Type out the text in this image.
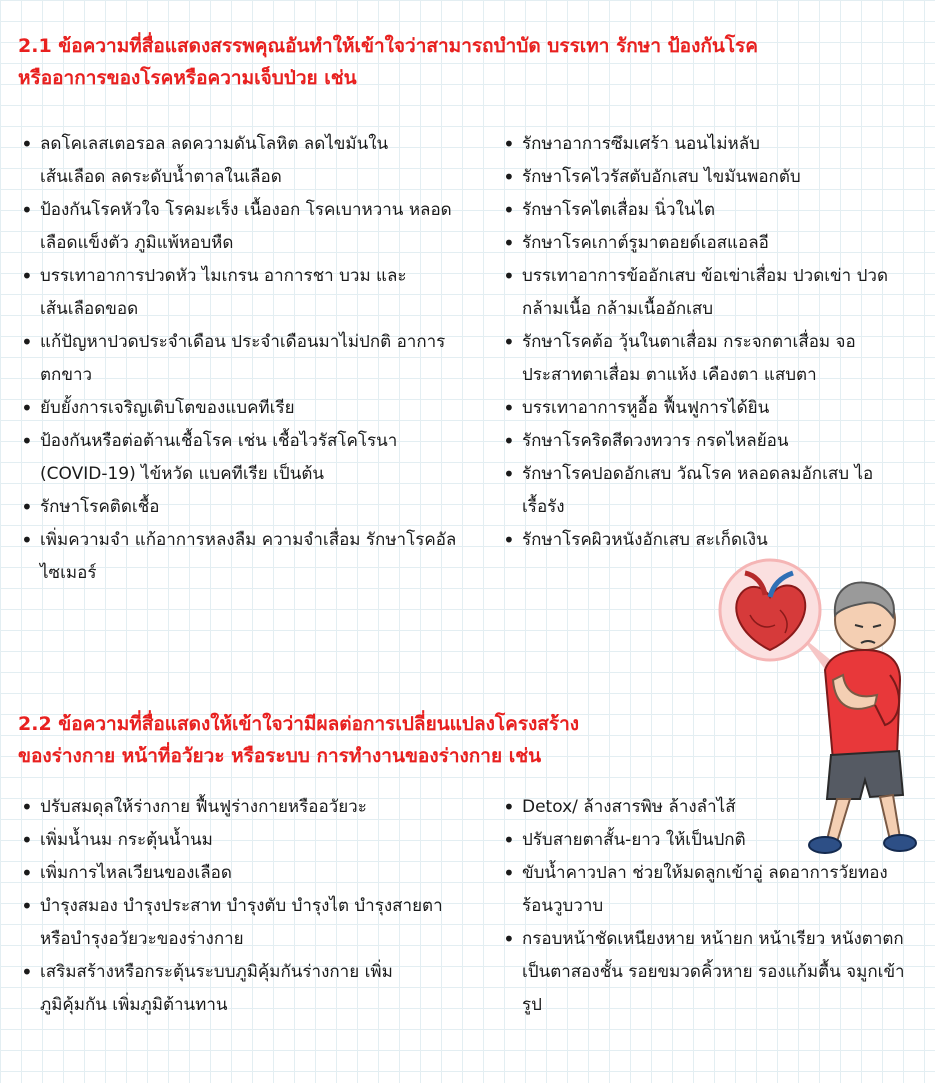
2.1 ข้อความที่สื่อแสดงสรรพคุณอันทำให้เข้าใจว่าสามารถบำบัด บรรเทา รักษา ป้องกันโรค
หรืออาการของโรคหรือความเจ็บป่วย เช่น
• ลดโคเลสเตอรอล ลดความดันโลหิต ลดไขมันใน เส้นเลือด ลดระดับน้ำตาลในเลือด
• ป้องกันโรคหัวใจ โรคมะเร็ง เนื้องอก โรคเบาหวาน หลอดเลือดแข็งตัว ภูมิแพ้หอบหืด
• บรรเทาอาการปวดหัว ไมเกรน อาการชา บวม และเส้นเลือดขอด
• แก้ปัญหาปวดประจำเดือน ประจำเดือนมาไม่ปกติ อาการตกขาว
• ยับยั้งการเจริญเติบโตของแบคทีเรีย
• ป้องกันหรือต่อต้านเชื้อโรค เช่น เชื้อไวรัสโคโรนา (COVID-19) ไข้หวัด แบคทีเรีย เป็นต้น
• รักษาโรคติดเชื้อ
• เพิ่มความจำ แก้อาการหลงลืม ความจำเสื่อม รักษาโรคอัลไซเมอร์
• รักษาอาการซึมเศร้า นอนไม่หลับ
• รักษาโรคไวรัสตับอักเสบ ไขมันพอกตับ
• รักษาโรคไตเสื่อม นิ่วในไต
• รักษาโรคเกาต์รูมาตอยด์เอสแอลอี
• บรรเทาอาการข้ออักเสบ ข้อเข่าเสื่อม ปวดเข่า ปวดกล้ามเนื้อ กล้ามเนื้ออักเสบ
• รักษาโรคต้อ วุ้นในตาเสื่อม กระจกตาเสื่อม จอประสาทตาเสื่อม ตาแห้ง เคืองตา แสบตา
• บรรเทาอาการหูอื้อ ฟื้นฟูการได้ยิน
• รักษาโรคริดสีดวงทวาร กรดไหลย้อน
• รักษาโรคปอดอักเสบ วัณโรค หลอดลมอักเสบ ไอเรื้อรัง
• รักษาโรคผิวหนังอักเสบ สะเก็ดเงิน
2.2 ข้อความที่สื่อแสดงให้เข้าใจว่ามีผลต่อการเปลี่ยนแปลงโครงสร้าง
ของร่างกาย หน้าที่อวัยวะ หรือระบบ การทำงานของร่างกาย เช่น
• ปรับสมดุลให้ร่างกาย ฟื้นฟูร่างกายหรืออวัยวะ
• เพิ่มน้ำนม กระตุ้นน้ำนม
• เพิ่มการไหลเวียนของเลือด
• บำรุงสมอง บำรุงประสาท บำรุงตับ บำรุงไต บำรุงสายตา หรือบำรุงอวัยวะของร่างกาย
• เสริมสร้างหรือกระตุ้นระบบภูมิคุ้มกันร่างกาย เพิ่มภูมิคุ้มกัน เพิ่มภูมิต้านทาน
• Detox/ ล้างสารพิษ ล้างลำไส้
• ปรับสายตาสั้น-ยาว ให้เป็นปกติ
• ขับน้ำคาวปลา ช่วยให้มดลูกเข้าอู่ ลดอาการวัยทอง ร้อนวูบวาบ
• กรอบหน้าชัดเหนียงหาย หน้ายก หน้าเรียว หนังตาตกเป็นตาสองชั้น รอยขมวดคิ้วหาย รองแก้มตื้น จมูกเข้ารูป
